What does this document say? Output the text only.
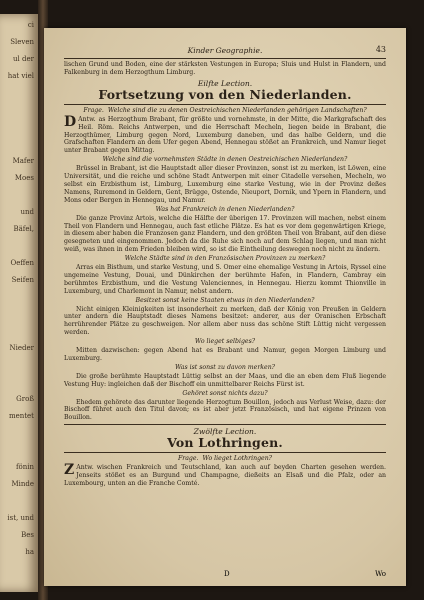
ci
Sleven
ul der
hat viel
Mafer
Moes
und
Bäfel,
Oeffen
Seifen
Nieder
Groß
mentet
fönin
Minde
ist, und
Bes
ha
Kinder Geographie.	43

lischen Grund und Boden, eine der stärksten Vestungen in Europa; Sluis und Hulst in Flandern, und Falkenburg in dem Herzogthum Limburg.

Eilfte Lection.

Fortsetzung von den Niederlanden.

Frage. Welche sind die zu denen Oestreichischen Niederlanden gehörigen Landschaften?

Antw.
D	as Herzogthum Brabant, für größte und vornehmste, in der Mitte, die Markgrafschaft des Heil. Röm. Reichs Antwerpen, und die Herrschaft Mecheln, liegen beide in Brabant, die Herzogthümer, Limburg gegen Nord, Luxemburg daneben, und das halbe Geldern, und die Grafschaften Flandern an dem Ufer gegen Abend, Hennegau stößet an Frankreich, und Namur lieget unter Brabant gegen Mittag.

Welche sind die vornehmsten Städte in denen Oestreichischen Niederlanden?

Brüssel in Brabant, ist die Hauptstadt aller dieser Provinzen, sonst ist zu merken, ist Löwen, eine Universität, und die reiche und schöne Stadt Antwerpen mit einer Citadelle versehen, Mecheln, wo selbst ein Erzbisthum ist, Limburg, Luxemburg eine starke Vestung, wie in der Provinz deßes Namens, Ruremond in Geldern, Gent, Brügge, Ostende, Nieuport, Dornik, und Ypern in Flandern, und Mons oder Bergen in Hennegau, und Namur.

Was hat Frankreich in denen Niederlanden?

Die ganze Provinz Artois, welche die Hälfte der überigen 17. Provinzen will machen, nebst einem Theil von Flandern und Hennegau, auch fast etliche Plätze. Es hat es vor dem gegenwärtigen Kriege, in diesem aber haben die Franzosen ganz Flandern, und den größten Theil von Brabant, auf den diese gesegneten und eingenommen. Jedoch da die Ruhe sich noch auf dem Schlag liegen, und man nicht weiß, was ihnen in dem Frieden bleiben wird, so ist die Eintheilung deswegen noch nicht zu ändern.

Welche Städte sind in den Französischen Provinzen zu merken?

Arras ein Bisthum, und starke Vestung, und S. Omer eine ehemalige Vestung in Artois, Ryssel eine ungemeine Vestung, Douai, und Dünkirchen der berühmte Hafen, in Flandern, Cambray ein berühmtes Erzbisthum, und die Vestung Valenciennes, in Hennegau. Hierzu kommt Thionville in Luxemburg, und Charlemont in Namur, nebst andern.

Besitzet sonst keine Staaten etwas in den Niederlanden?

Nicht einigen Kleinigkeiten ist insonderheit zu merken, daß der König von Preußen in Geldern unter andern die Hauptstadt dieses Namens besitzet: anderer, aus der Oranischen Erbschaft herrührender Plätze zu geschweigen. Nor allem aber nuss das schöne Stift Lüttig nicht vergessen werden.

Wo lieget selbiges?

Mitten dazwischen: gegen Abend hat es Brabant und Namur, gegen Morgen Limburg und Luxemburg.

Was ist sonst zu davon merken?

Die große berühmte Hauptstadt Lüttig selbst an der Maas, und die an eben dem Fluß liegende Vestung Huy: ingleichen daß der Bischoff ein unmittelbarer Reichs Fürst ist.

Gehöret sonst nichts dazu?

Ehedem gehörete das darunter liegende Herzogtum Bouillon, jedoch aus Verlust Weise, dazu: der Bischoff führet auch den Titul davon; es ist aber jetzt Französisch, und hat eigene Prinzen von Bouillon.

Zwölfte Lection.

Von Lothringen.

Frage. Wo lieget Lothringen?

Antw.
Z	wischen Frankreich und Teutschland, kan auch auf beyden Charten gesehen werden. Jenseits stößet es an Burgund und Champagne, dießeits an Elsaß und die Pfalz, oder an Luxembourg, unten an die Franche Comté.

D	Wo
